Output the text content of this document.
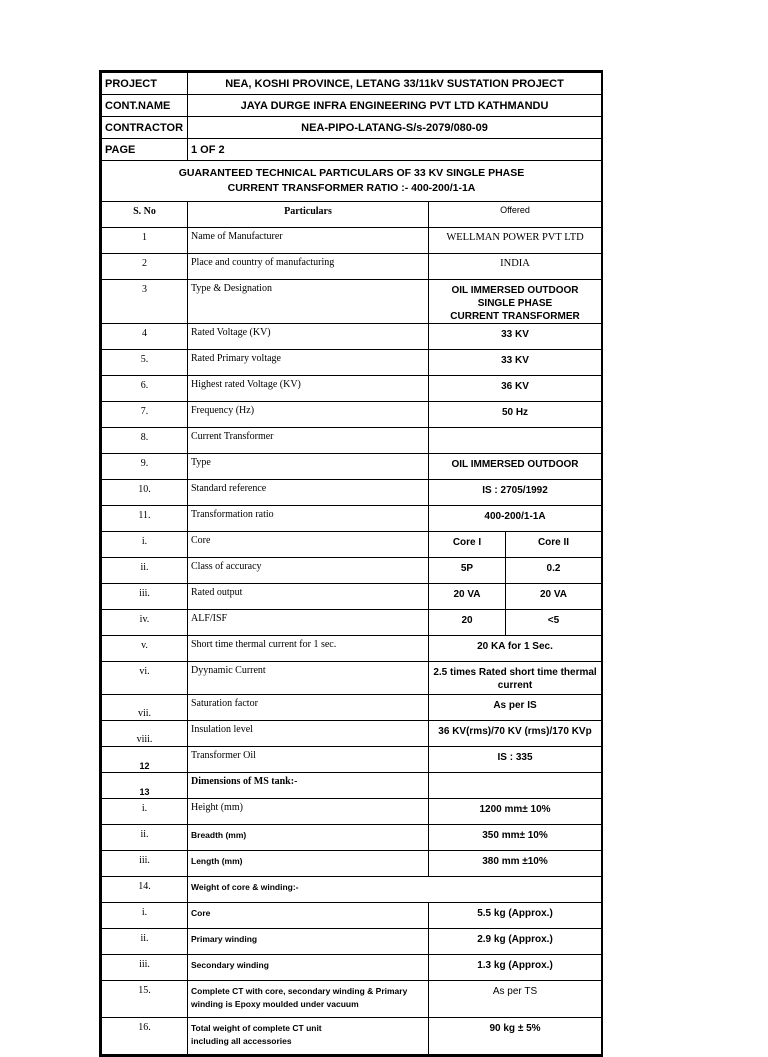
PROJECT	NEA, KOSHI PROVINCE, LETANG 33/11kV SUSTATION PROJECT		
CONT.NAME	JAYA DURGE INFRA ENGINEERING PVT LTD KATHMANDU		
CONTRACTOR	NEA-PIPO-LATANG-S/s-2079/080-09		
PAGE	1 OF 2		

GUARANTEED TECHNICAL PARTICULARS OF 33 KV SINGLE PHASE
CURRENT TRANSFORMER RATIO :- 400-200/1-1A			

S. No	Particulars	Offered	
1	Name of Manufacturer	WELLMAN POWER PVT LTD	
2	Place and country of manufacturing	INDIA	
3	Type & Designation	OIL IMMERSED OUTDOOR SINGLE PHASE
CURRENT TRANSFORMER	

4	Rated Voltage (KV)	33 KV	
5.	Rated Primary voltage	33 KV	
6.	Highest rated Voltage (KV)	36 KV	
7.	Frequency (Hz)	50 Hz	
8.	Current Transformer		
9.	Type	OIL IMMERSED OUTDOOR	
10.	Standard reference	IS : 2705/1992	
11.	Transformation ratio	400-200/1-1A	
i.	Core	Core I	Core II
ii.	Class of accuracy	5P	0.2
iii.	Rated output	20 VA	20 VA
iv.	ALF/ISF	20	<5
v.	Short time thermal current for 1 sec.	20 KA for 1 Sec.	
vi.	Dyynamic Current	2.5 times Rated short time thermal
current	

vii.	Saturation factor	As per IS	
viii.	Insulation level	36 KV(rms)/70 KV (rms)/170 KVp	
12	Transformer Oil	IS : 335	
13	Dimensions of MS tank:-		
i.	Height (mm)	1200 mm± 10%	
ii.	Breadth (mm)	350 mm± 10%	
iii.	Length (mm)	380 mm ±10%	
14.	Weight of core & winding:-		
i.	Core	5.5 kg (Approx.)	
ii.	Primary winding	2.9 kg (Approx.)	
iii.	Secondary winding	1.3 kg (Approx.)	
15.	Complete CT with core, secondary winding & Primary
winding is Epoxy moulded under vacuum	As per TS	
16.	Total weight of complete CT unit
including all accessories	90 kg ± 5%	
